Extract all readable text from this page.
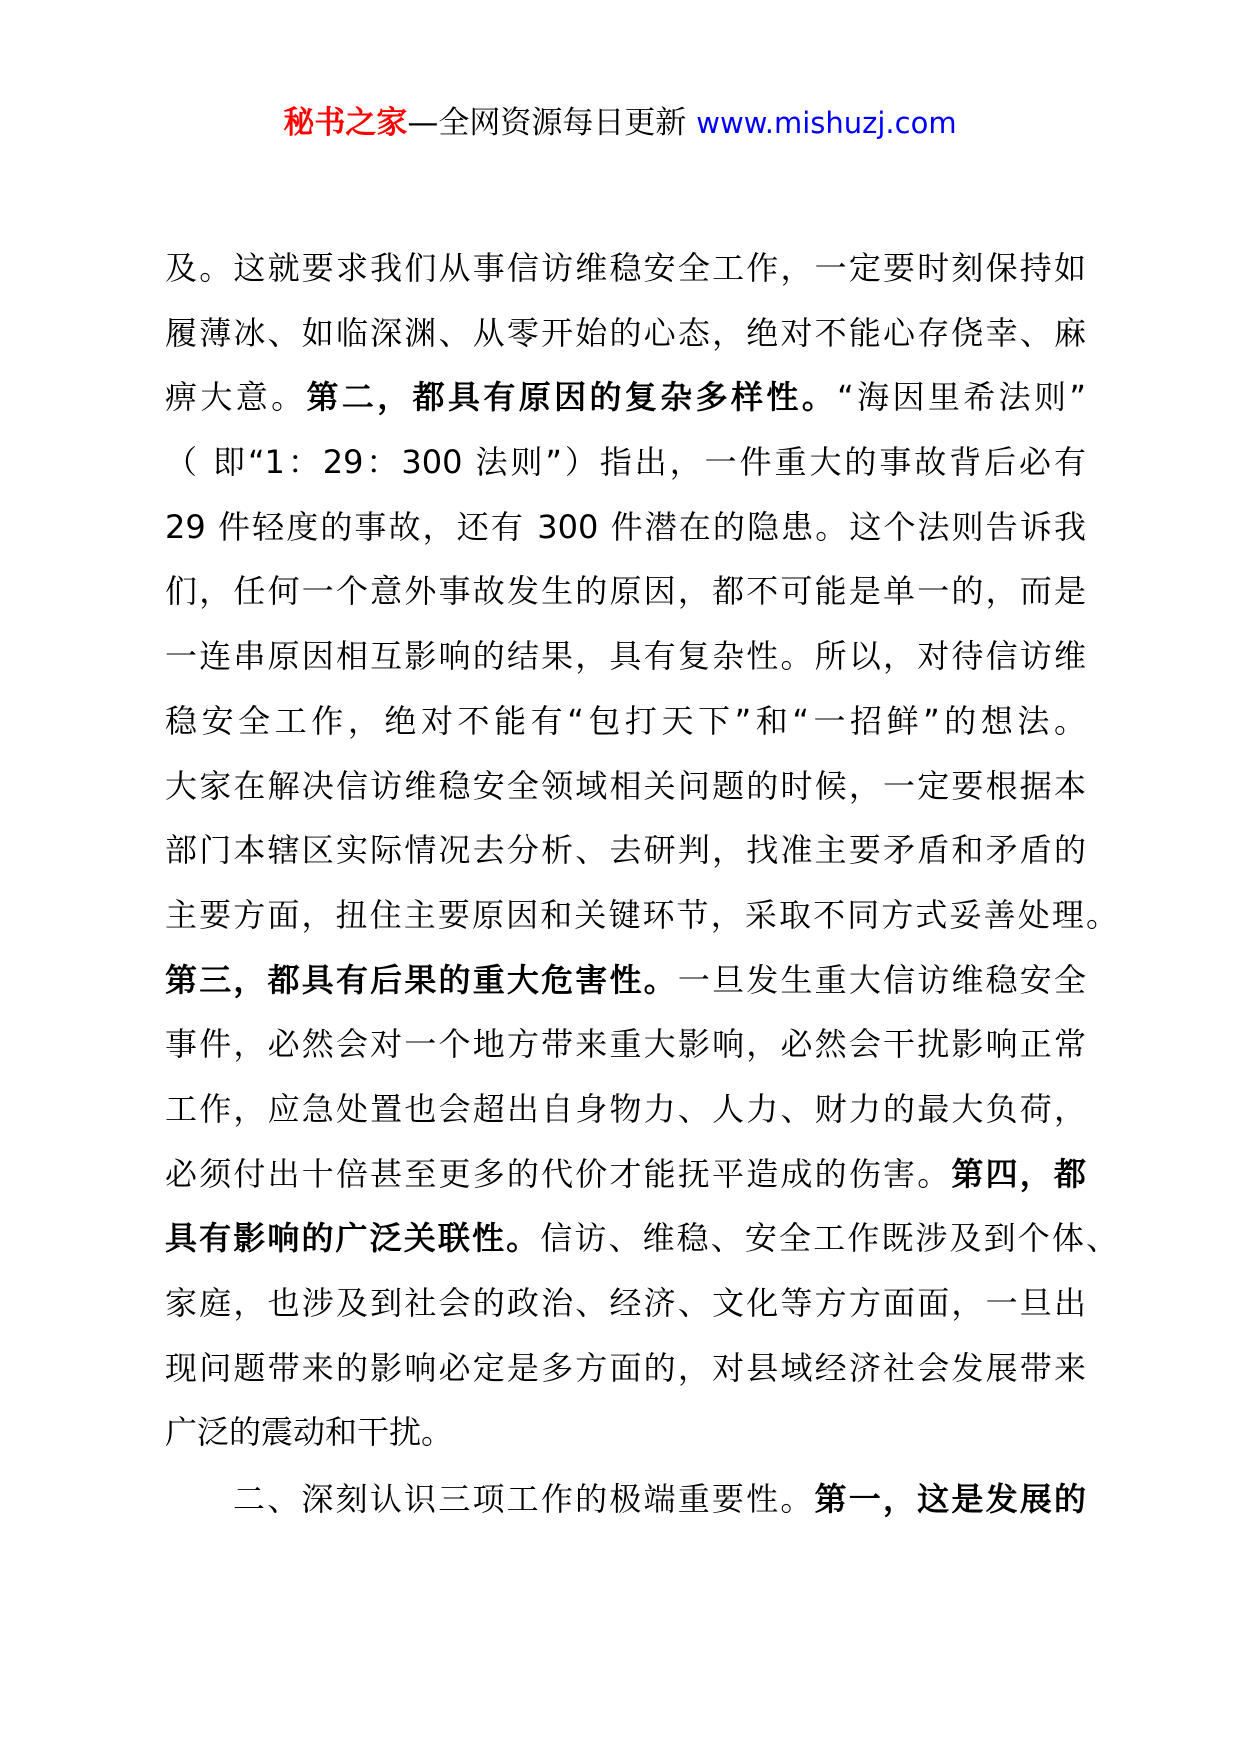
秘书之家—全网资源每日更新 www.mishuzj.com
及。这就要求我们从事信访维稳安全工作，一定要时刻保持如
履薄冰、如临深渊、从零开始的心态，绝对不能心存侥幸、麻
痹大意。第二，都具有原因的复杂多样性。“海因里希法则”
（ 即“1：29：300 法则”）指出，一件重大的事故背后必有
29 件轻度的事故，还有 300 件潜在的隐患。这个法则告诉我
们，任何一个意外事故发生的原因，都不可能是单一的，而是
一连串原因相互影响的结果，具有复杂性。所以，对待信访维
稳安全工作，绝对不能有“包打天下”和“一招鲜”的想法。
大家在解决信访维稳安全领域相关问题的时候，一定要根据本
部门本辖区实际情况去分析、去研判，找准主要矛盾和矛盾的
主要方面，扭住主要原因和关键环节，采取不同方式妥善处理。
第三，都具有后果的重大危害性。一旦发生重大信访维稳安全
事件，必然会对一个地方带来重大影响，必然会干扰影响正常
工作，应急处置也会超出自身物力、人力、财力的最大负荷，
必须付出十倍甚至更多的代价才能抚平造成的伤害。第四，都
具有影响的广泛关联性。信访、维稳、安全工作既涉及到个体、
家庭，也涉及到社会的政治、经济、文化等方方面面，一旦出
现问题带来的影响必定是多方面的，对县域经济社会发展带来
广泛的震动和干扰。
二、深刻认识三项工作的极端重要性。第一，这是发展的
